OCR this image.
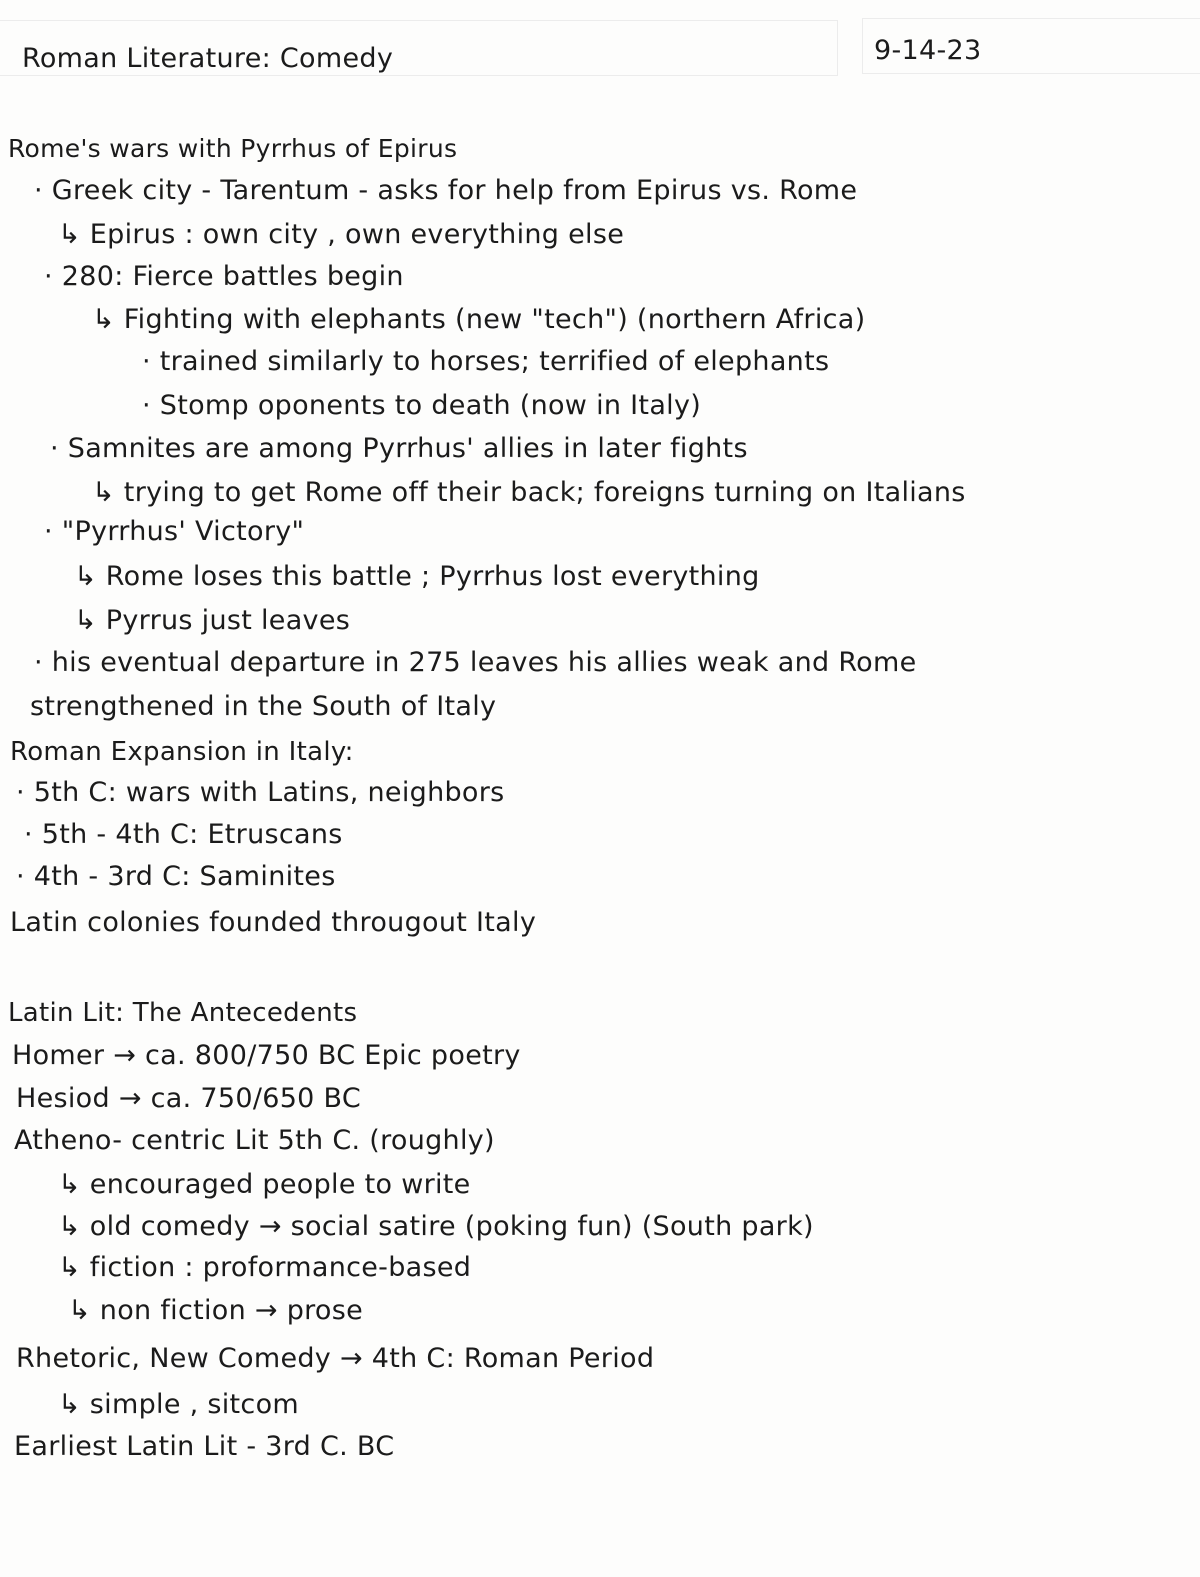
Roman Literature: Comedy	9-14-23
Rome's wars with Pyrrhus of Epirus
· Greek city - Tarentum - asks for help from Epirus vs. Rome
↳ Epirus : own city , own everything else
· 280: Fierce battles begin
↳ Fighting with elephants (new "tech") (northern Africa)
· trained similarly to horses; terrified of elephants
· Stomp oponents to death (now in Italy)
· Samnites are among Pyrrhus' allies in later fights
↳ trying to get Rome off their back; foreigns turning on Italians
· "Pyrrhus' Victory"
↳ Rome loses this battle ; Pyrrhus lost everything
↳ Pyrrus just leaves
· his eventual departure in 275 leaves his allies weak and Rome
strengthened in the South of Italy
Roman Expansion in Italy:
· 5th C: wars with Latins, neighbors
· 5th - 4th C: Etruscans
· 4th - 3rd C: Saminites
Latin colonies founded througout Italy
Latin Lit: The Antecedents
Homer → ca. 800/750 BC Epic poetry
Hesiod → ca. 750/650 BC
Atheno- centric Lit 5th C. (roughly)
↳ encouraged people to write
↳ old comedy → social satire (poking fun) (South park)
↳ fiction : proformance-based
↳ non fiction → prose
Rhetoric, New Comedy → 4th C: Roman Period
↳ simple , sitcom
Earliest Latin Lit - 3rd C. BC
